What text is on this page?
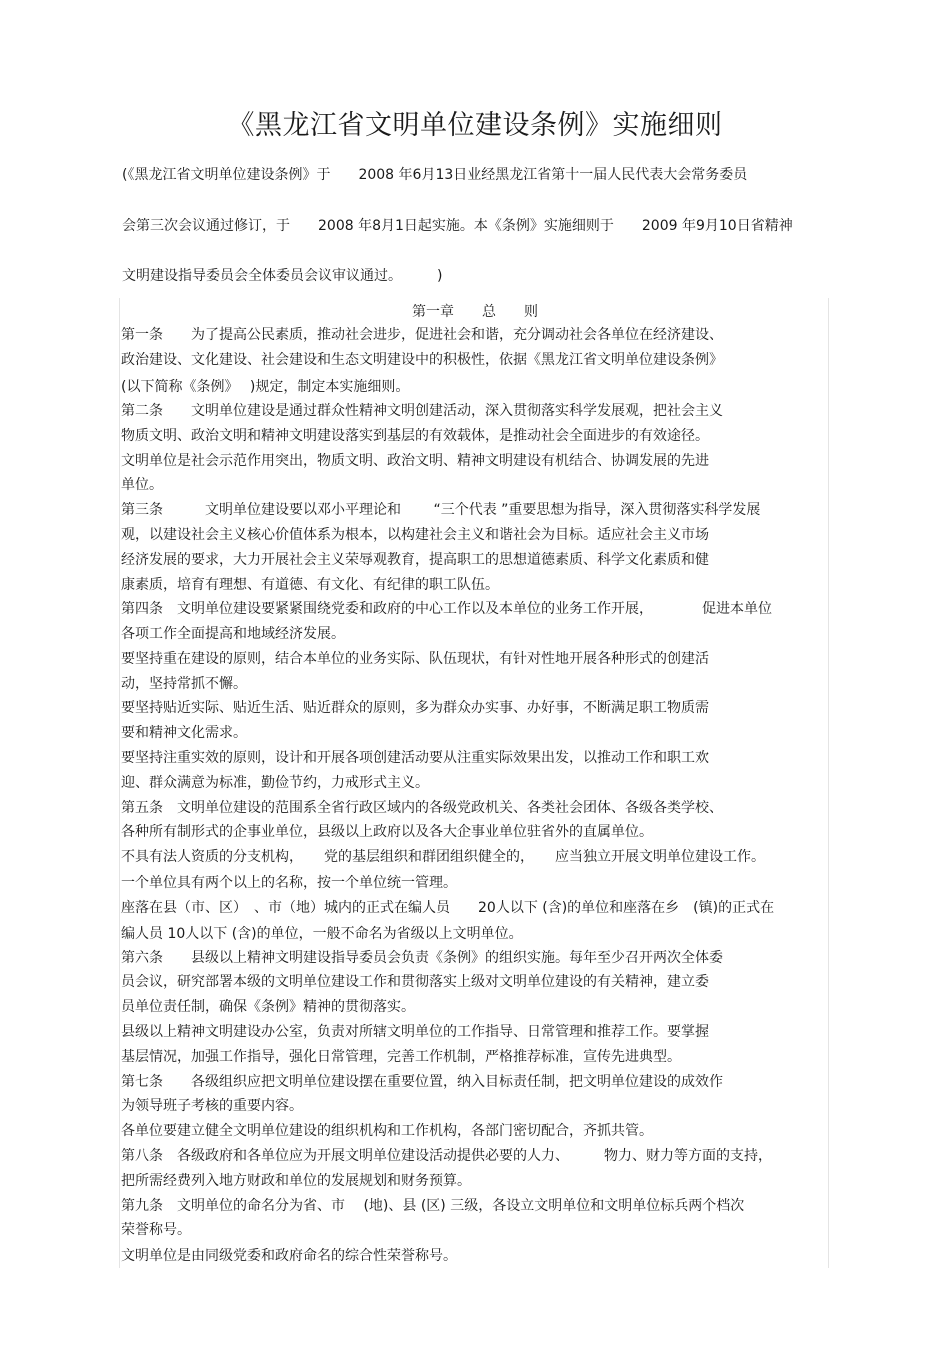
《黑龙江省文明单位建设条例》实施细则
(《黑龙江省文明单位建设条例》于　　2008 年6月13日业经黑龙江省第十一届人民代表大会常务委员
会第三次会议通过修订，于　　2008 年8月1日起实施。本《条例》实施细则于　　2009 年9月10日省精神
文明建设指导委员会全体委员会议审议通过。　　　)
第一章　　总　　则
第一条　　为了提高公民素质，推动社会进步，促进社会和谐，充分调动社会各单位在经济建设、
政治建设、文化建设、社会建设和生态文明建设中的积极性，依据《黑龙江省文明单位建设条例》
(以下简称《条例》　 )规定，制定本实施细则。
第二条　　文明单位建设是通过群众性精神文明创建活动，深入贯彻落实科学发展观，把社会主义
物质文明、政治文明和精神文明建设落实到基层的有效载体，是推动社会全面进步的有效途径。
文明单位是社会示范作用突出，物质文明、政治文明、精神文明建设有机结合、协调发展的先进
单位。
第三条　　　文明单位建设要以邓小平理论和　　 “三个代表 ”重要思想为指导，深入贯彻落实科学发展
观，以建设社会主义核心价值体系为根本，以构建社会主义和谐社会为目标。适应社会主义市场
经济发展的要求，大力开展社会主义荣辱观教育，提高职工的思想道德素质、科学文化素质和健
康素质，培育有理想、有道德、有文化、有纪律的职工队伍。
第四条　文明单位建设要紧紧围绕党委和政府的中心工作以及本单位的业务工作开展，　　　　促进本单位
各项工作全面提高和地域经济发展。
要坚持重在建设的原则，结合本单位的业务实际、队伍现状，有针对性地开展各种形式的创建活
动，坚持常抓不懈。
要坚持贴近实际、贴近生活、贴近群众的原则，多为群众办实事、办好事，不断满足职工物质需
要和精神文化需求。
要坚持注重实效的原则，设计和开展各项创建活动要从注重实际效果出发，以推动工作和职工欢
迎、群众满意为标准，勤俭节约，力戒形式主义。
第五条　文明单位建设的范围系全省行政区域内的各级党政机关、各类社会团体、各级各类学校、
各种所有制形式的企事业单位，县级以上政府以及各大企事业单位驻省外的直属单位。
不具有法人资质的分支机构，　　党的基层组织和群团组织健全的，　　应当独立开展文明单位建设工作。
一个单位具有两个以上的名称，按一个单位统一管理。
座落在县（市、区）　、市（地）城内的正式在编人员　　20人以下 (含)的单位和座落在乡　(镇)的正式在
编人员 10人以下 (含)的单位，一般不命名为省级以上文明单位。
第六条　　县级以上精神文明建设指导委员会负责《条例》的组织实施。每年至少召开两次全体委
员会议，研究部署本级的文明单位建设工作和贯彻落实上级对文明单位建设的有关精神，建立委
员单位责任制，确保《条例》精神的贯彻落实。
县级以上精神文明建设办公室，负责对所辖文明单位的工作指导、日常管理和推荐工作。要掌握
基层情况，加强工作指导，强化日常管理，完善工作机制，严格推荐标准，宣传先进典型。
第七条　　各级组织应把文明单位建设摆在重要位置，纳入目标责任制，把文明单位建设的成效作
为领导班子考核的重要内容。
各单位要建立健全文明单位建设的组织机构和工作机构，各部门密切配合，齐抓共管。
第八条　各级政府和各单位应为开展文明单位建设活动提供必要的人力、　　　物力、财力等方面的支持，
把所需经费列入地方财政和单位的发展规划和财务预算。
第九条　文明单位的命名分为省、市　 (地)、县 (区) 三级，各设立文明单位和文明单位标兵两个档次
荣誉称号。
文明单位是由同级党委和政府命名的综合性荣誉称号。
